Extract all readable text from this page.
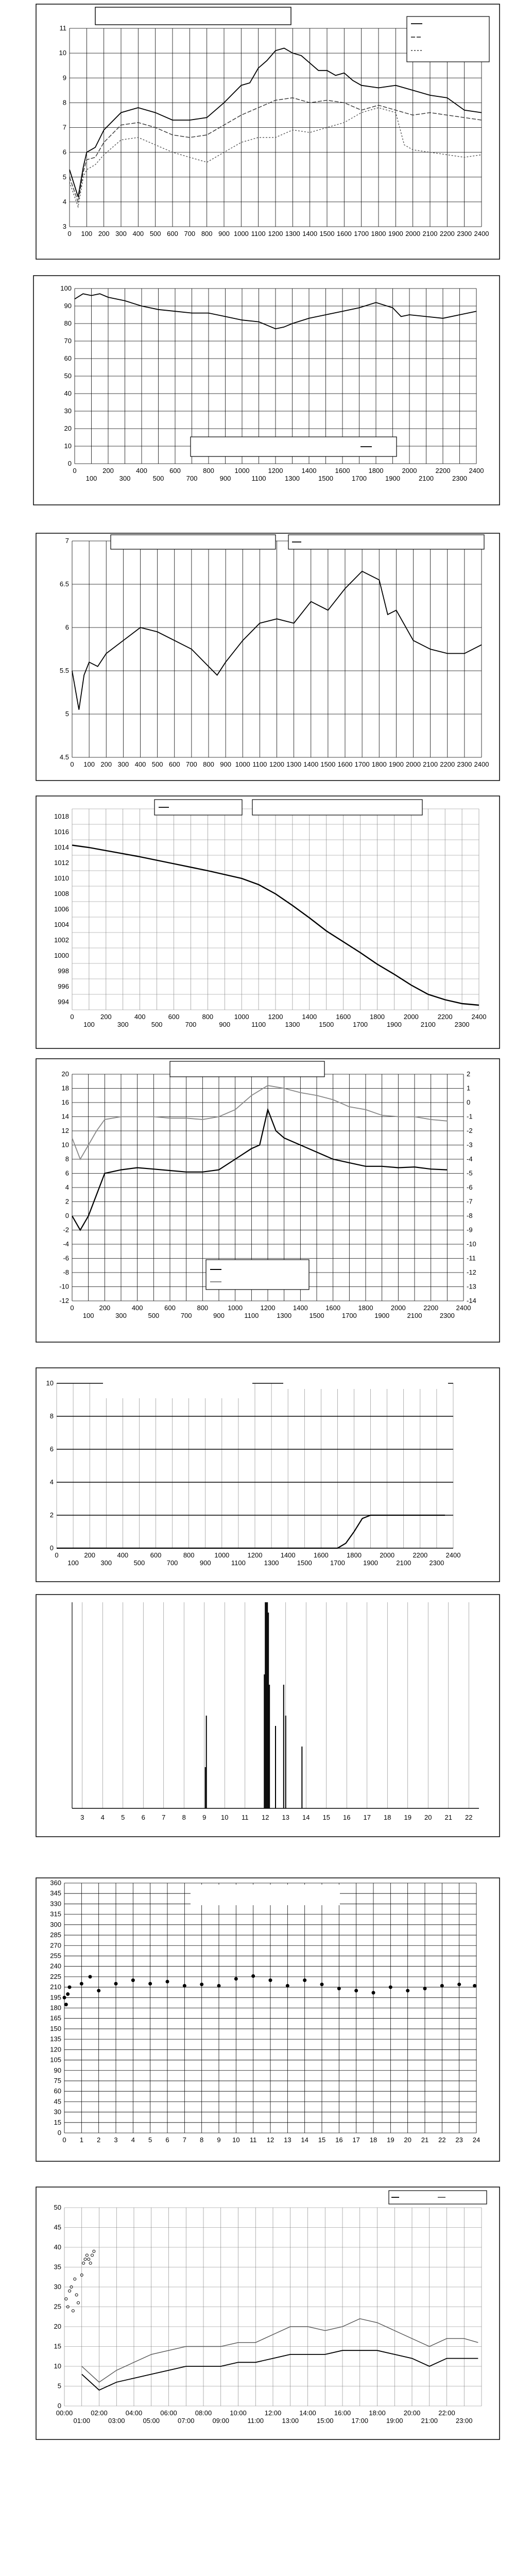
3
4
5
6
7
8
9
10
11
0 100 200 300 400 500 600 700 800 900 1000 1100 1200 1300 1400 1500 1600 1700 1800 1900 2000 2100 2200 2300 2400
0
10
20
30
40
50
60
70
80
90
100
0	200	400	600	800	1000	1200	1400	1600	1800	2000	2200	2400
100	300	500	700	900	1100	1300	1500	1700	1900	2100	2300
4.5
5
5.5
6
6.5
7
0 100 200 300 400 500 600 700 800 900 1000 1100 1200 1300 1400 1500 1600 1700 1800 1900 2000 2100 2200 2300 2400
994
996
998
1000
1002
1004
1006
1008
1010
1012
1014
1016
1018
0	200	400	600	800	1000	1200	1400	1600	1800	2000	2200	2400
100	300	500	700	900	1100	1300	1500	1700	1900	2100	2300
20
18
16
14
12
10
8
6
4
2
0
-2
-4
-6
-8
-10
-12
2
1
0
-1
-2
-3
-4
-5
-6
-7
-8
-9
-10
-11
-12
-13
-14
0	200	400	600	800	1000	1200	1400	1600	1800	2000	2200	2400
100	300	500	700	900	1100	1300	1500	1700	1900	2100	2300
0
2
4
6
8
10
0	200	400	600	800	1000	1200	1400	1600	1800	2000	2200	2400
100	300	500	700	900	1100	1300	1500	1700	1900	2100	2300
3 4 5 6 7 8 9 10 11 12 13 14 15 16 17 18 19 20 21 22
0
15
30
45
60
75
90
105
120
135
150
165
180
195
210
225
240
255
270
285
300
315
330
345
360
0 1 2 3 4 5 6 7 8 9 10 11 12 13 14 15 16 17 18 19 20 21 22 23 24
0
5
10
15
20
25
30
35
40
45
50
00:00	02:00	04:00	06:00	08:00	10:00	12:00	14:00	16:00	18:00	20:00	22:00
01:00	03:00	05:00	07:00	09:00	11:00	13:00	15:00	17:00	19:00	21:00	23:00
